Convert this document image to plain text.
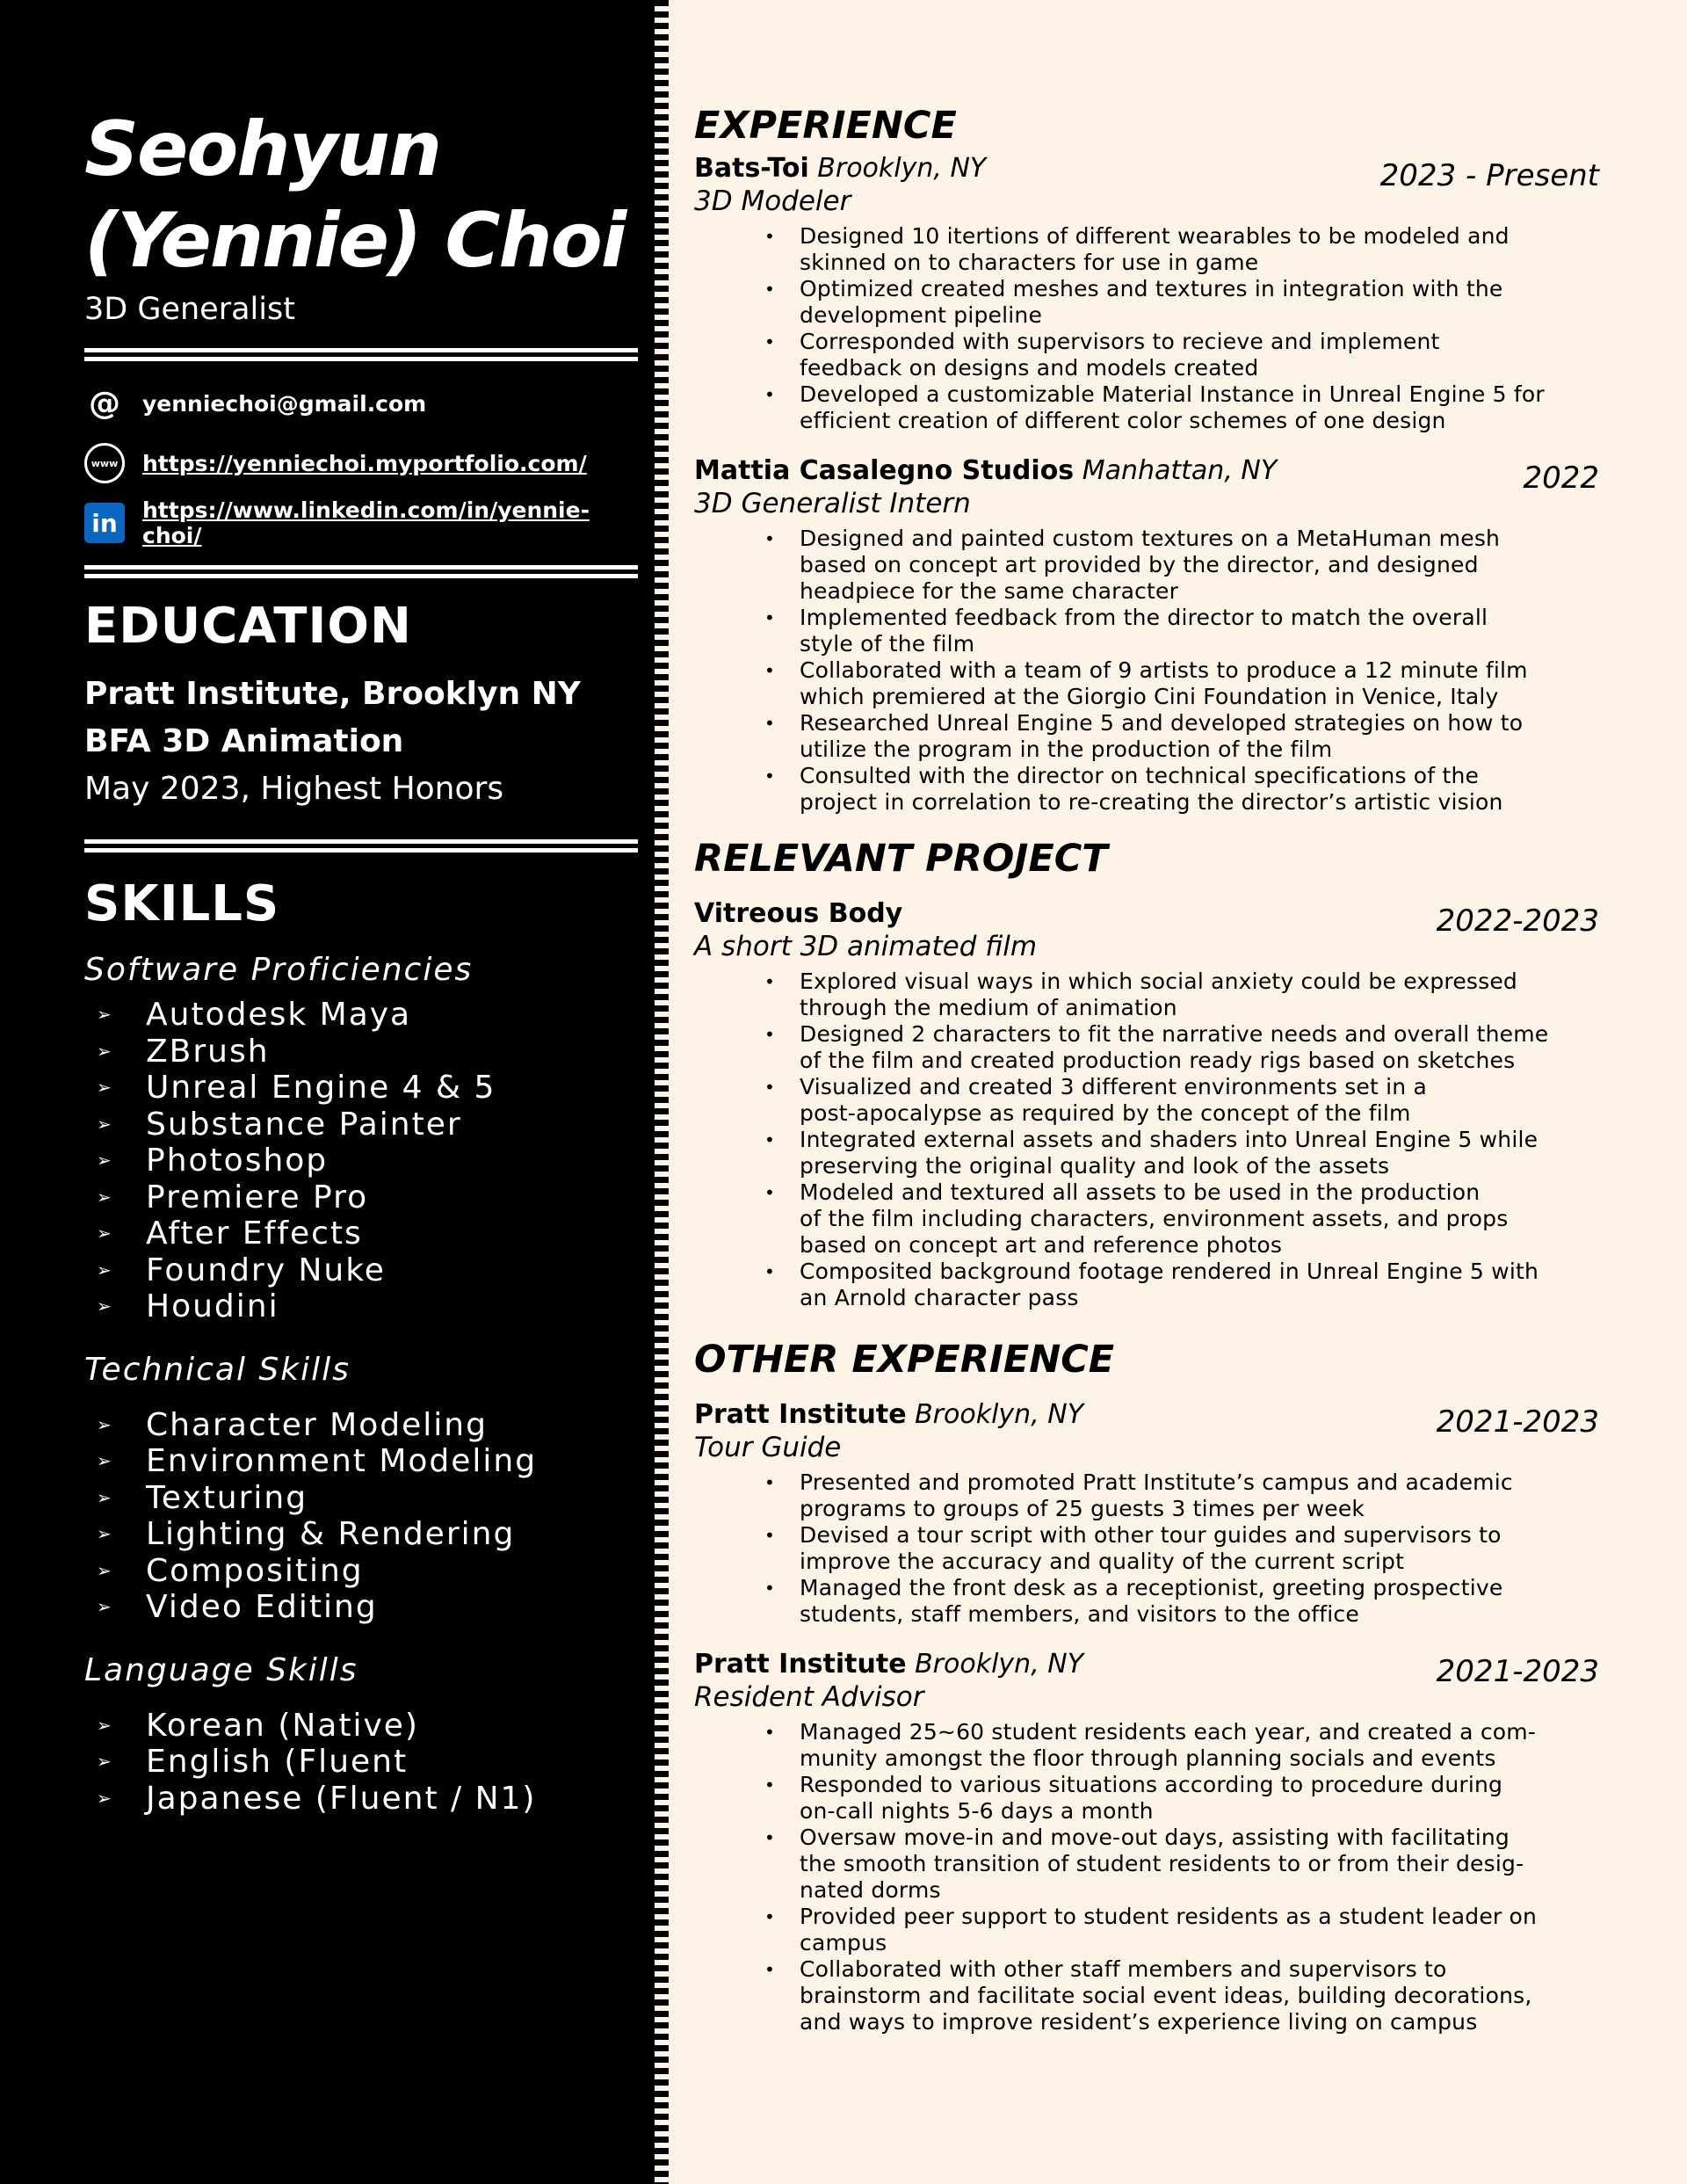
Seohyun
(Yennie) Choi
3D Generalist
@ yenniechoi@gmail.com
www	https://yenniechoi.myportfolio.com/
in	https://www.linkedin.com/in/yennie-choi/
EDUCATION
Pratt Institute, Brooklyn NY
BFA 3D Animation
May 2023, Highest Honors
SKILLS
Software Proficiencies
➢	Autodesk Maya
➢	ZBrush
➢	Unreal Engine 4 & 5
➢	Substance Painter
➢	Photoshop
➢	Premiere Pro
➢	After Effects
➢	Foundry Nuke
➢	Houdini
Technical Skills
➢	Character Modeling
➢	Environment Modeling
➢	Texturing
➢	Lighting & Rendering
➢	Compositing
➢	Video Editing
Language Skills
➢	Korean (Native)
➢	English (Fluent
➢	Japanese (Fluent / N1)
EXPERIENCE
Bats-Toi Brooklyn, NY	2023 - Present
3D Modeler
• Designed 10 itertions of different wearables to be modeled and
skinned on to characters for use in game
• Optimized created meshes and textures in integration with the
development pipeline
• Corresponded with supervisors to recieve and implement
feedback on designs and models created
• Developed a customizable Material Instance in Unreal Engine 5 for
efficient creation of different color schemes of one design
Mattia Casalegno Studios Manhattan, NY	2022
3D Generalist Intern
• Designed and painted custom textures on a MetaHuman mesh
based on concept art provided by the director, and designed
headpiece for the same character
• Implemented feedback from the director to match the overall
style of the film
• Collaborated with a team of 9 artists to produce a 12 minute film
which premiered at the Giorgio Cini Foundation in Venice, Italy
• Researched Unreal Engine 5 and developed strategies on how to
utilize the program in the production of the film
• Consulted with the director on technical specifications of the
project in correlation to re-creating the director’s artistic vision
RELEVANT PROJECT
Vitreous Body	2022-2023
A short 3D animated film
• Explored visual ways in which social anxiety could be expressed
through the medium of animation
• Designed 2 characters to fit the narrative needs and overall theme
of the film and created production ready rigs based on sketches
• Visualized and created 3 different environments set in a
post-apocalypse as required by the concept of the film
• Integrated external assets and shaders into Unreal Engine 5 while
preserving the original quality and look of the assets
• Modeled and textured all assets to be used in the production
of the film including characters, environment assets, and props
based on concept art and reference photos
• Composited background footage rendered in Unreal Engine 5 with
an Arnold character pass
OTHER EXPERIENCE
Pratt Institute Brooklyn, NY	2021-2023
Tour Guide
• Presented and promoted Pratt Institute’s campus and academic
programs to groups of 25 guests 3 times per week
• Devised a tour script with other tour guides and supervisors to
improve the accuracy and quality of the current script
• Managed the front desk as a receptionist, greeting prospective
students, staff members, and visitors to the office
Pratt Institute Brooklyn, NY	2021-2023
Resident Advisor
• Managed 25~60 student residents each year, and created a com-
munity amongst the floor through planning socials and events
• Responded to various situations according to procedure during
on-call nights 5-6 days a month
• Oversaw move-in and move-out days, assisting with facilitating
the smooth transition of student residents to or from their desig-
nated dorms
• Provided peer support to student residents as a student leader on
campus
• Collaborated with other staff members and supervisors to
brainstorm and facilitate social event ideas, building decorations,
and ways to improve resident’s experience living on campus
